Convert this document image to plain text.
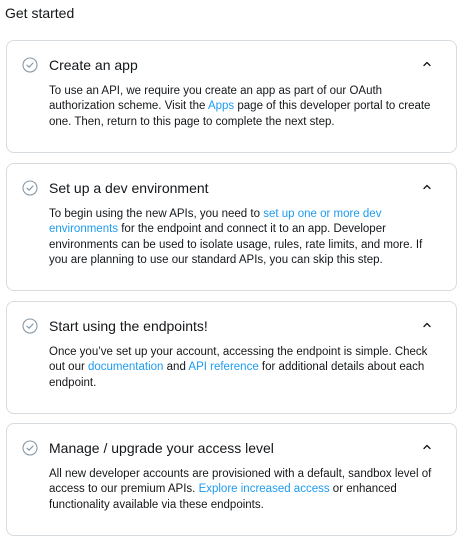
Get started
Create an app
To use an API, we require you create an app as part of our OAuth authorization scheme. Visit the Apps page of this developer portal to create one. Then, return to this page to complete the next step.
Set up a dev environment
To begin using the new APIs, you need to set up one or more dev environments for the endpoint and connect it to an app. Developer environments can be used to isolate usage, rules, rate limits, and more. If you are planning to use our standard APIs, you can skip this step.
Start using the endpoints!
Once you’ve set up your account, accessing the endpoint is simple. Check out our documentation and API reference for additional details about each endpoint.
Manage / upgrade your access level
All new developer accounts are provisioned with a default, sandbox level of access to our premium APIs. Explore increased access or enhanced functionality available via these endpoints.
